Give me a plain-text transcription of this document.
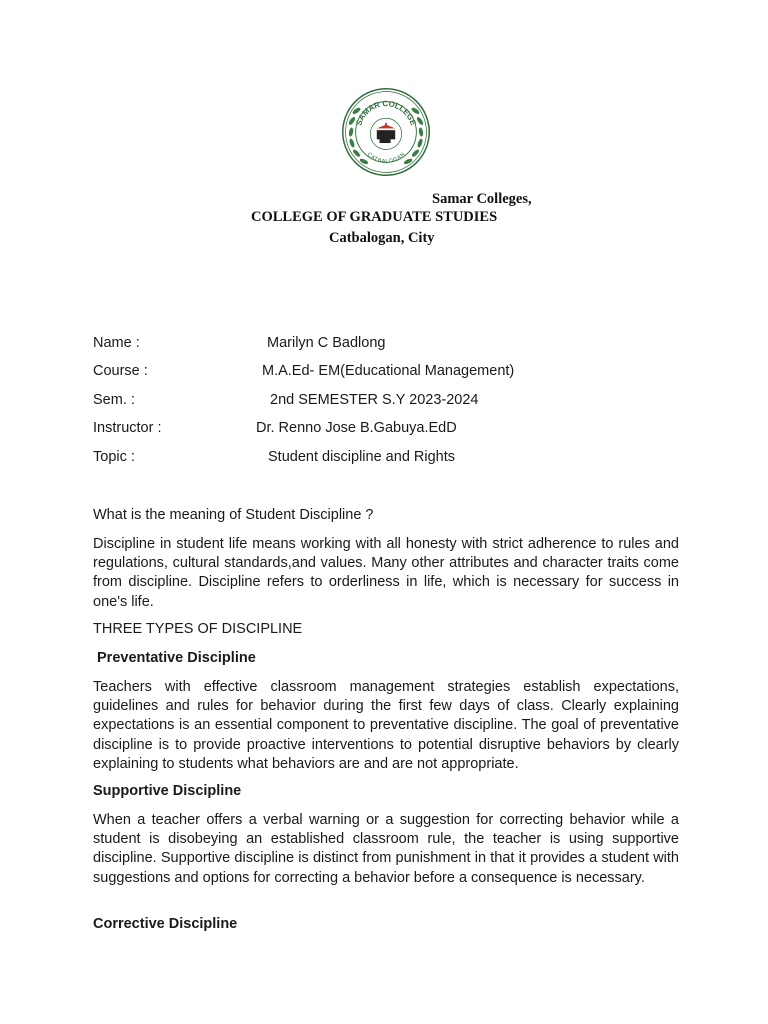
SAMAR COLLEGE
CATBALOGAN
Samar Colleges,
COLLEGE OF GRADUATE STUDIES
Catbalogan, City
Name :	Marilyn C Badlong
Course :	M.A.Ed- EM(Educational Management)
Sem. :	2nd SEMESTER S.Y 2023-2024
Instructor :	Dr. Renno Jose B.Gabuya.EdD
Topic :	Student discipline and Rights
What is the meaning of Student Discipline ?
Discipline in student life means working with all honesty with strict adherence to rules and regulations, cultural standards,and values. Many other attributes and character traits come from discipline. Discipline refers to orderliness in life, which is necessary for success in one's life.
THREE TYPES OF DISCIPLINE
Preventative Discipline
Teachers with effective classroom management strategies establish expectations, guidelines and rules for behavior during the first few days of class. Clearly explaining expectations is an essential component to preventative discipline. The goal of preventative discipline is to provide proactive interventions to potential disruptive behaviors by clearly explaining to students what behaviors are and are not appropriate.
Supportive Discipline
When a teacher offers a verbal warning or a suggestion for correcting behavior while a student is disobeying an established classroom rule, the teacher is using supportive discipline. Supportive discipline is distinct from punishment in that it provides a student with suggestions and options for correcting a behavior before a consequence is necessary.
Corrective Discipline
